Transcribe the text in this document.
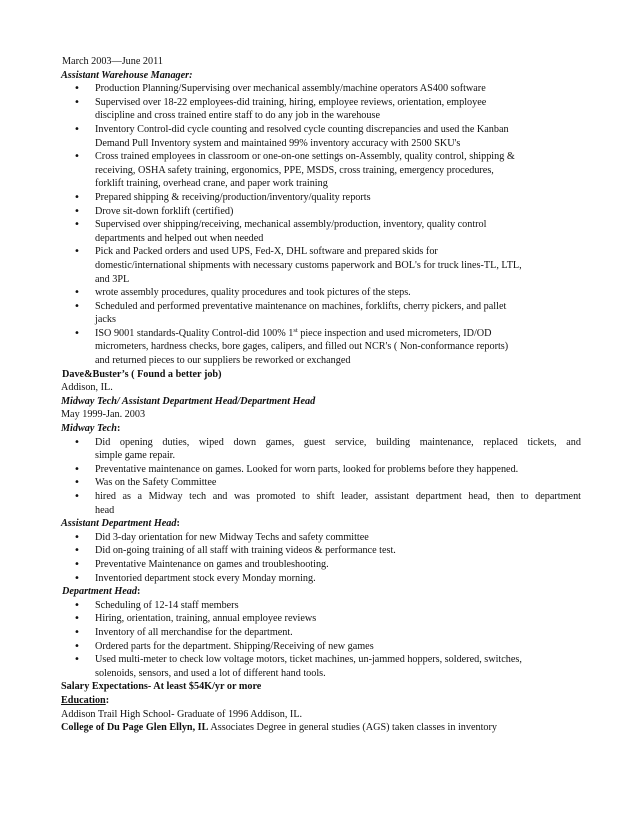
March 2003—June 2011
Assistant Warehouse Manager:
• Production Planning/Supervising over mechanical assembly/machine operators AS400 software
• Supervised over 18-22 employees-did training, hiring, employee reviews, orientation, employee
discipline and cross trained entire staff to do any job in the warehouse
• Inventory Control-did cycle counting and resolved cycle counting discrepancies and used the Kanban
Demand Pull Inventory system and maintained 99% inventory accuracy with 2500 SKU's
• Cross trained employees in classroom or one-on-one settings on-Assembly, quality control, shipping &
receiving, OSHA safety training, ergonomics, PPE, MSDS, cross training, emergency procedures,
forklift training, overhead crane, and paper work training
• Prepared shipping & receiving/production/inventory/quality reports
• Drove sit-down forklift (certified)
• Supervised over shipping/receiving, mechanical assembly/production, inventory, quality control
departments and helped out when needed
• Pick and Packed orders and used UPS, Fed-X, DHL software and prepared skids for
domestic/international shipments with necessary customs paperwork and BOL's for truck lines-TL, LTL,
and 3PL
• wrote assembly procedures, quality procedures and took pictures of the steps.
• Scheduled and performed preventative maintenance on machines, forklifts, cherry pickers, and pallet
jacks
• ISO 9001 standards-Quality Control-did 100% 1st piece inspection and used micrometers, ID/OD
micrometers, hardness checks, bore gages, calipers, and filled out NCR's ( Non-conformance reports)
and returned pieces to our suppliers be reworked or exchanged
Dave&Buster’s ( Found a better job)
Addison, IL.
Midway Tech/ Assistant Department Head/Department Head
May 1999-Jan. 2003
Midway Tech:
• Did opening duties, wiped down games, guest service, building maintenance, replaced tickets, and
simple game repair.
• Preventative maintenance on games. Looked for worn parts, looked for problems before they happened.
• Was on the Safety Committee
• hired as a Midway tech and was promoted to shift leader, assistant department head, then to department
head
Assistant Department Head:
• Did 3-day orientation for new Midway Techs and safety committee
• Did on-going training of all staff with training videos & performance test.
• Preventative Maintenance on games and troubleshooting.
• Inventoried department stock every Monday morning.
Department Head:
• Scheduling of 12-14 staff members
• Hiring, orientation, training, annual employee reviews
• Inventory of all merchandise for the department.
• Ordered parts for the department. Shipping/Receiving of new games
• Used multi-meter to check low voltage motors, ticket machines, un-jammed hoppers, soldered, switches,
solenoids, sensors, and used a lot of different hand tools.
Salary Expectations- At least $54K/yr or more
Education:
Addison Trail High School- Graduate of 1996 Addison, IL.
College of Du Page Glen Ellyn, IL Associates Degree in general studies (AGS) taken classes in inventory
